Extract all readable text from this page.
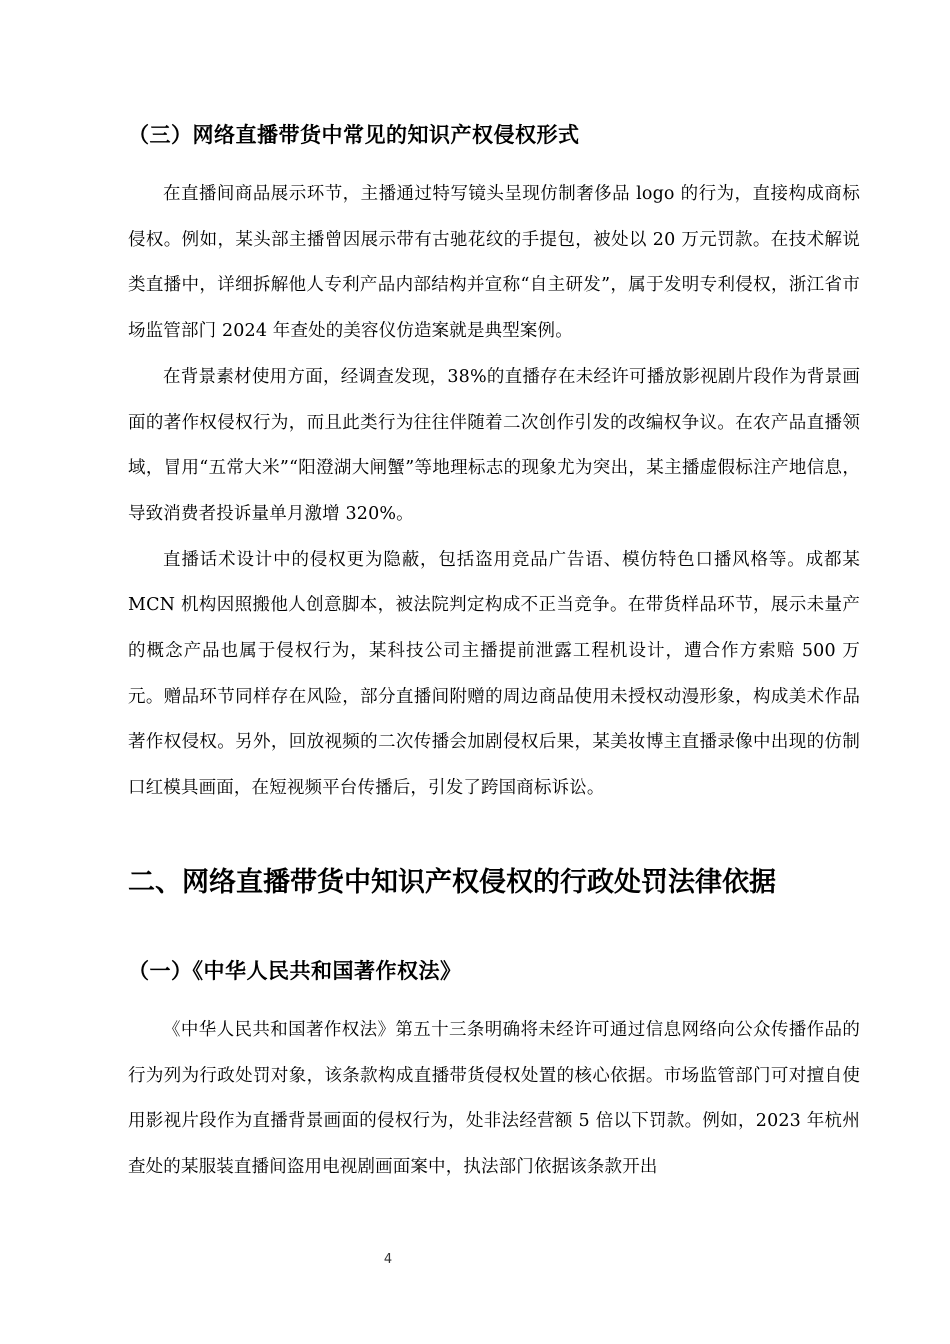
（三）网络直播带货中常见的知识产权侵权形式

在直播间商品展示环节，主播通过特写镜头呈现仿制奢侈品 logo 的行为，直接构成商标侵权。例如，某头部主播曾因展示带有古驰花纹的手提包，被处以 20 万元罚款。在技术解说类直播中，详细拆解他人专利产品内部结构并宣称“自主研发”，属于发明专利侵权，浙江省市场监管部门 2024 年查处的美容仪仿造案就是典型案例。

在背景素材使用方面，经调查发现，38%的直播存在未经许可播放影视剧片段作为背景画面的著作权侵权行为，而且此类行为往往伴随着二次创作引发的改编权争议。在农产品直播领域，冒用“五常大米”“阳澄湖大闸蟹”等地理标志的现象尤为突出，某主播虚假标注产地信息，导致消费者投诉量单月激增 320%。

直播话术设计中的侵权更为隐蔽，包括盗用竞品广告语、模仿特色口播风格等。成都某 MCN 机构因照搬他人创意脚本，被法院判定构成不正当竞争。在带货样品环节，展示未量产的概念产品也属于侵权行为，某科技公司主播提前泄露工程机设计，遭合作方索赔 500 万元。赠品环节同样存在风险，部分直播间附赠的周边商品使用未授权动漫形象，构成美术作品著作权侵权。另外，回放视频的二次传播会加剧侵权后果，某美妆博主直播录像中出现的仿制口红模具画面，在短视频平台传播后，引发了跨国商标诉讼。

二、网络直播带货中知识产权侵权的行政处罚法律依据
（一）《中华人民共和国著作权法》

《中华人民共和国著作权法》第五十三条明确将未经许可通过信息网络向公众传播作品的行为列为行政处罚对象，该条款构成直播带货侵权处置的核心依据。市场监管部门可对擅自使用影视片段作为直播背景画面的侵权行为，处非法经营额 5 倍以下罚款。例如，2023 年杭州查处的某服装直播间盗用电视剧画面案中，执法部门依据该条款开出

4
